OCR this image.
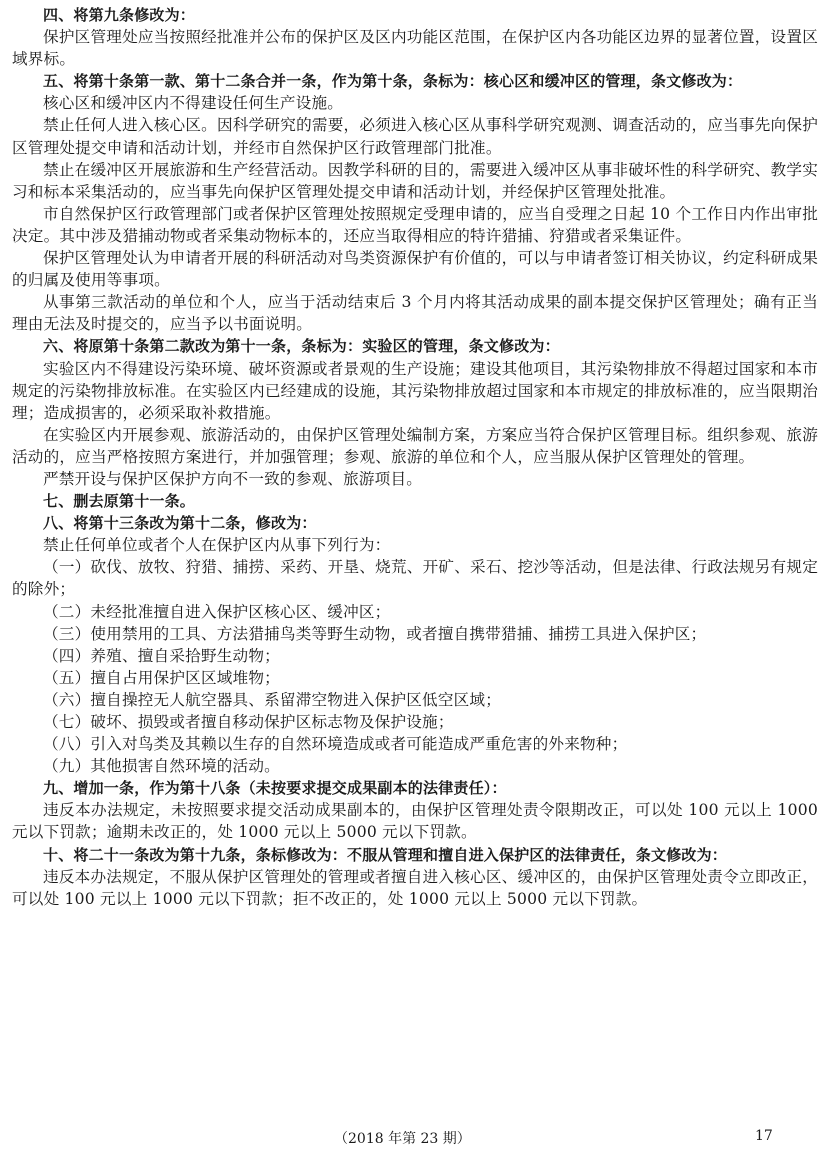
四、将第九条修改为：

保护区管理处应当按照经批准并公布的保护区及区内功能区范围，在保护区内各功能区边界的显著位置，设置区域界标。

五、将第十条第一款、第十二条合并一条，作为第十条，条标为：核心区和缓冲区的管理，条文修改为：

核心区和缓冲区内不得建设任何生产设施。

禁止任何人进入核心区。因科学研究的需要，必须进入核心区从事科学研究观测、调查活动的，应当事先向保护区管理处提交申请和活动计划，并经市自然保护区行政管理部门批准。

禁止在缓冲区开展旅游和生产经营活动。因教学科研的目的，需要进入缓冲区从事非破坏性的科学研究、教学实习和标本采集活动的，应当事先向保护区管理处提交申请和活动计划，并经保护区管理处批准。

市自然保护区行政管理部门或者保护区管理处按照规定受理申请的，应当自受理之日起 10 个工作日内作出审批决定。其中涉及猎捕动物或者采集动物标本的，还应当取得相应的特许猎捕、狩猎或者采集证件。

保护区管理处认为申请者开展的科研活动对鸟类资源保护有价值的，可以与申请者签订相关协议，约定科研成果的归属及使用等事项。

从事第三款活动的单位和个人，应当于活动结束后 3 个月内将其活动成果的副本提交保护区管理处；确有正当理由无法及时提交的，应当予以书面说明。

六、将原第十条第二款改为第十一条，条标为：实验区的管理，条文修改为：

实验区内不得建设污染环境、破坏资源或者景观的生产设施；建设其他项目，其污染物排放不得超过国家和本市规定的污染物排放标准。在实验区内已经建成的设施，其污染物排放超过国家和本市规定的排放标准的，应当限期治理；造成损害的，必须采取补救措施。

在实验区内开展参观、旅游活动的，由保护区管理处编制方案，方案应当符合保护区管理目标。组织参观、旅游活动的，应当严格按照方案进行，并加强管理；参观、旅游的单位和个人，应当服从保护区管理处的管理。

严禁开设与保护区保护方向不一致的参观、旅游项目。

七、删去原第十一条。

八、将第十三条改为第十二条，修改为：

禁止任何单位或者个人在保护区内从事下列行为：

（一）砍伐、放牧、狩猎、捕捞、采药、开垦、烧荒、开矿、采石、挖沙等活动，但是法律、行政法规另有规定的除外；

（二）未经批准擅自进入保护区核心区、缓冲区；

（三）使用禁用的工具、方法猎捕鸟类等野生动物，或者擅自携带猎捕、捕捞工具进入保护区；

（四）养殖、擅自采拾野生动物；

（五）擅自占用保护区区域堆物；

（六）擅自操控无人航空器具、系留滞空物进入保护区低空区域；

（七）破坏、损毁或者擅自移动保护区标志物及保护设施；

（八）引入对鸟类及其赖以生存的自然环境造成或者可能造成严重危害的外来物种；

（九）其他损害自然环境的活动。

九、增加一条，作为第十八条（未按要求提交成果副本的法律责任）：

违反本办法规定，未按照要求提交活动成果副本的，由保护区管理处责令限期改正，可以处 100 元以上 1000 元以下罚款；逾期未改正的，处 1000 元以上 5000 元以下罚款。

十、将二十一条改为第十九条，条标修改为：不服从管理和擅自进入保护区的法律责任，条文修改为：

违反本办法规定，不服从保护区管理处的管理或者擅自进入核心区、缓冲区的，由保护区管理处责令立即改正，可以处 100 元以上 1000 元以下罚款；拒不改正的，处 1000 元以上 5000 元以下罚款。

（2018 年第 23 期）	17
